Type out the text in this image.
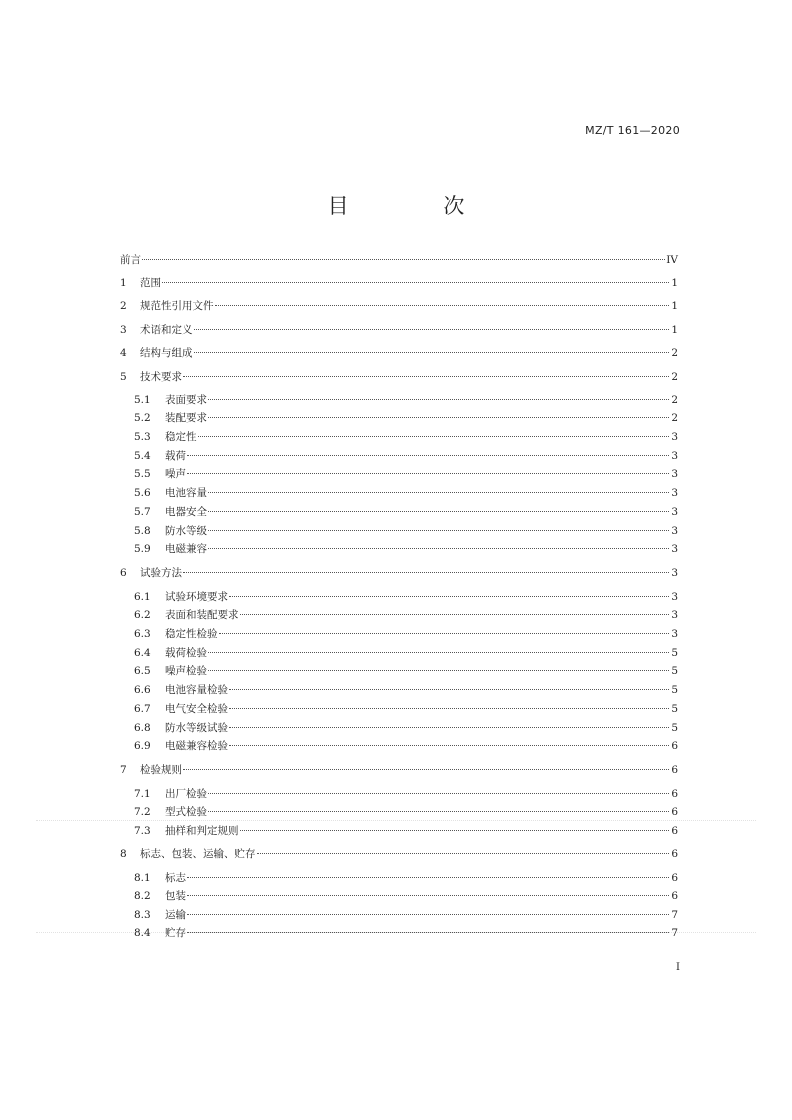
MZ/T 161—2020
目 次
前言	IV
1	范围	1
2	规范性引用文件	1
3	术语和定义	1
4	结构与组成	2
5	技术要求	2
5.1	表面要求	2
5.2	装配要求	2
5.3	稳定性	3
5.4	载荷	3
5.5	噪声	3
5.6	电池容量	3
5.7	电器安全	3
5.8	防水等级	3
5.9	电磁兼容	3
6	试验方法	3
6.1	试验环境要求	3
6.2	表面和装配要求	3
6.3	稳定性检验	3
6.4	载荷检验	5
6.5	噪声检验	5
6.6	电池容量检验	5
6.7	电气安全检验	5
6.8	防水等级试验	5
6.9	电磁兼容检验	6
7	检验规则	6
7.1	出厂检验	6
7.2	型式检验	6
7.3	抽样和判定规则	6
8	标志、包装、运输、贮存	6
8.1	标志	6
8.2	包装	6
8.3	运输	7
8.4	贮存	7
I
